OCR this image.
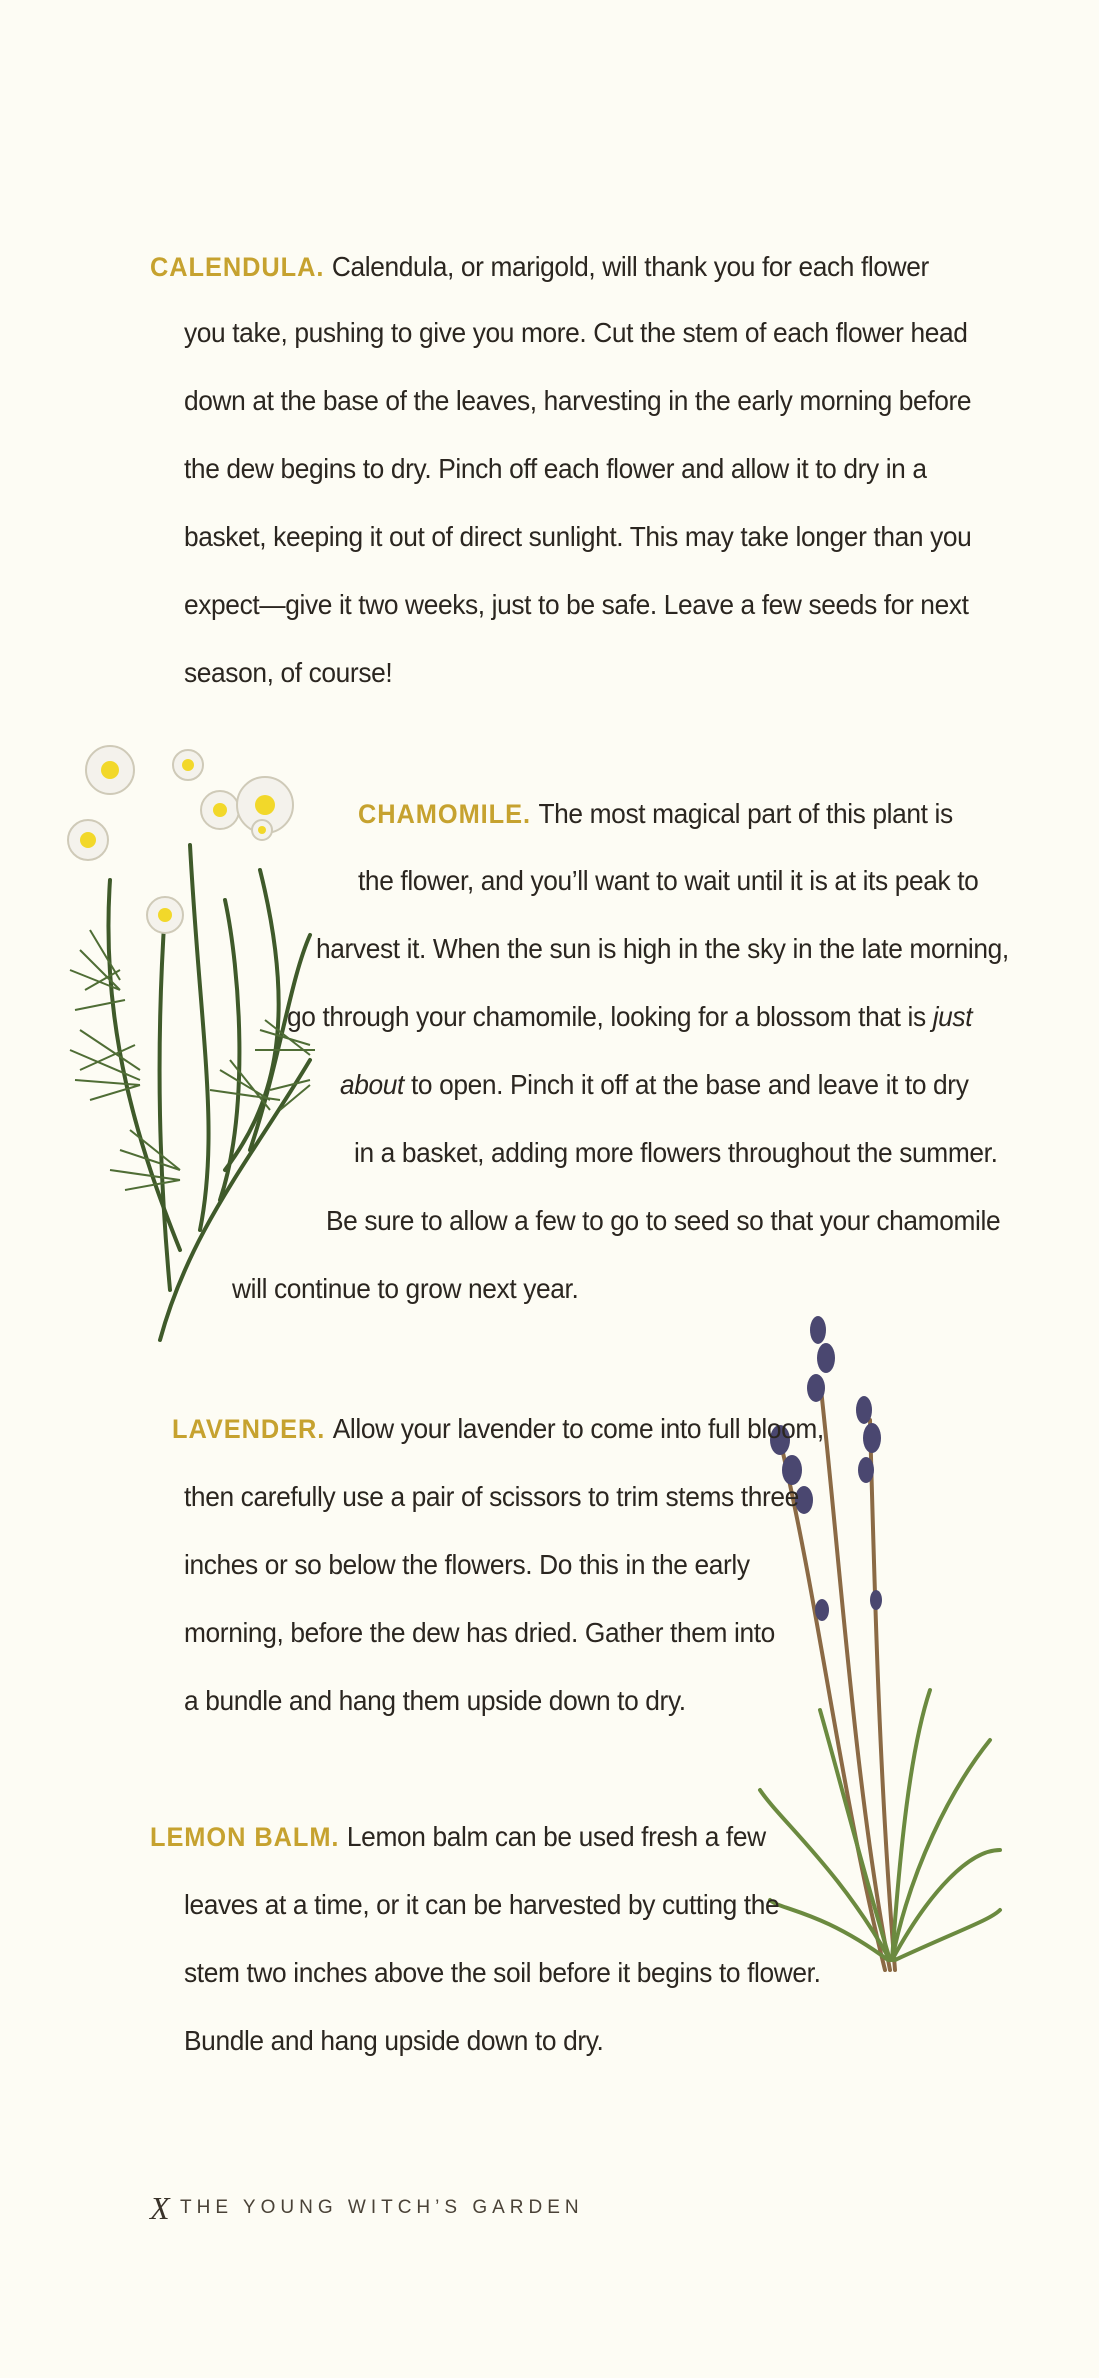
CALENDULA. Calendula, or marigold, will thank you for each flower
you take, pushing to give you more. Cut the stem of each flower head
down at the base of the leaves, harvesting in the early morning before
the dew begins to dry. Pinch off each flower and allow it to dry in a
basket, keeping it out of direct sunlight. This may take longer than you
expect—give it two weeks, just to be safe. Leave a few seeds for next
season, of course!
CHAMOMILE. The most magical part of this plant is
the flower, and you’ll want to wait until it is at its peak to
harvest it. When the sun is high in the sky in the late morning,
go through your chamomile, looking for a blossom that is just
about to open. Pinch it off at the base and leave it to dry
in a basket, adding more flowers throughout the summer.
Be sure to allow a few to go to seed so that your chamomile
will continue to grow next year.
LAVENDER. Allow your lavender to come into full bloom,
then carefully use a pair of scissors to trim stems three
inches or so below the flowers. Do this in the early
morning, before the dew has dried. Gather them into
a bundle and hang them upside down to dry.
LEMON BALM. Lemon balm can be used fresh a few
leaves at a time, or it can be harvested by cutting the
stem two inches above the soil before it begins to flower.
Bundle and hang upside down to dry.
X THE YOUNG WITCH’S GARDEN
